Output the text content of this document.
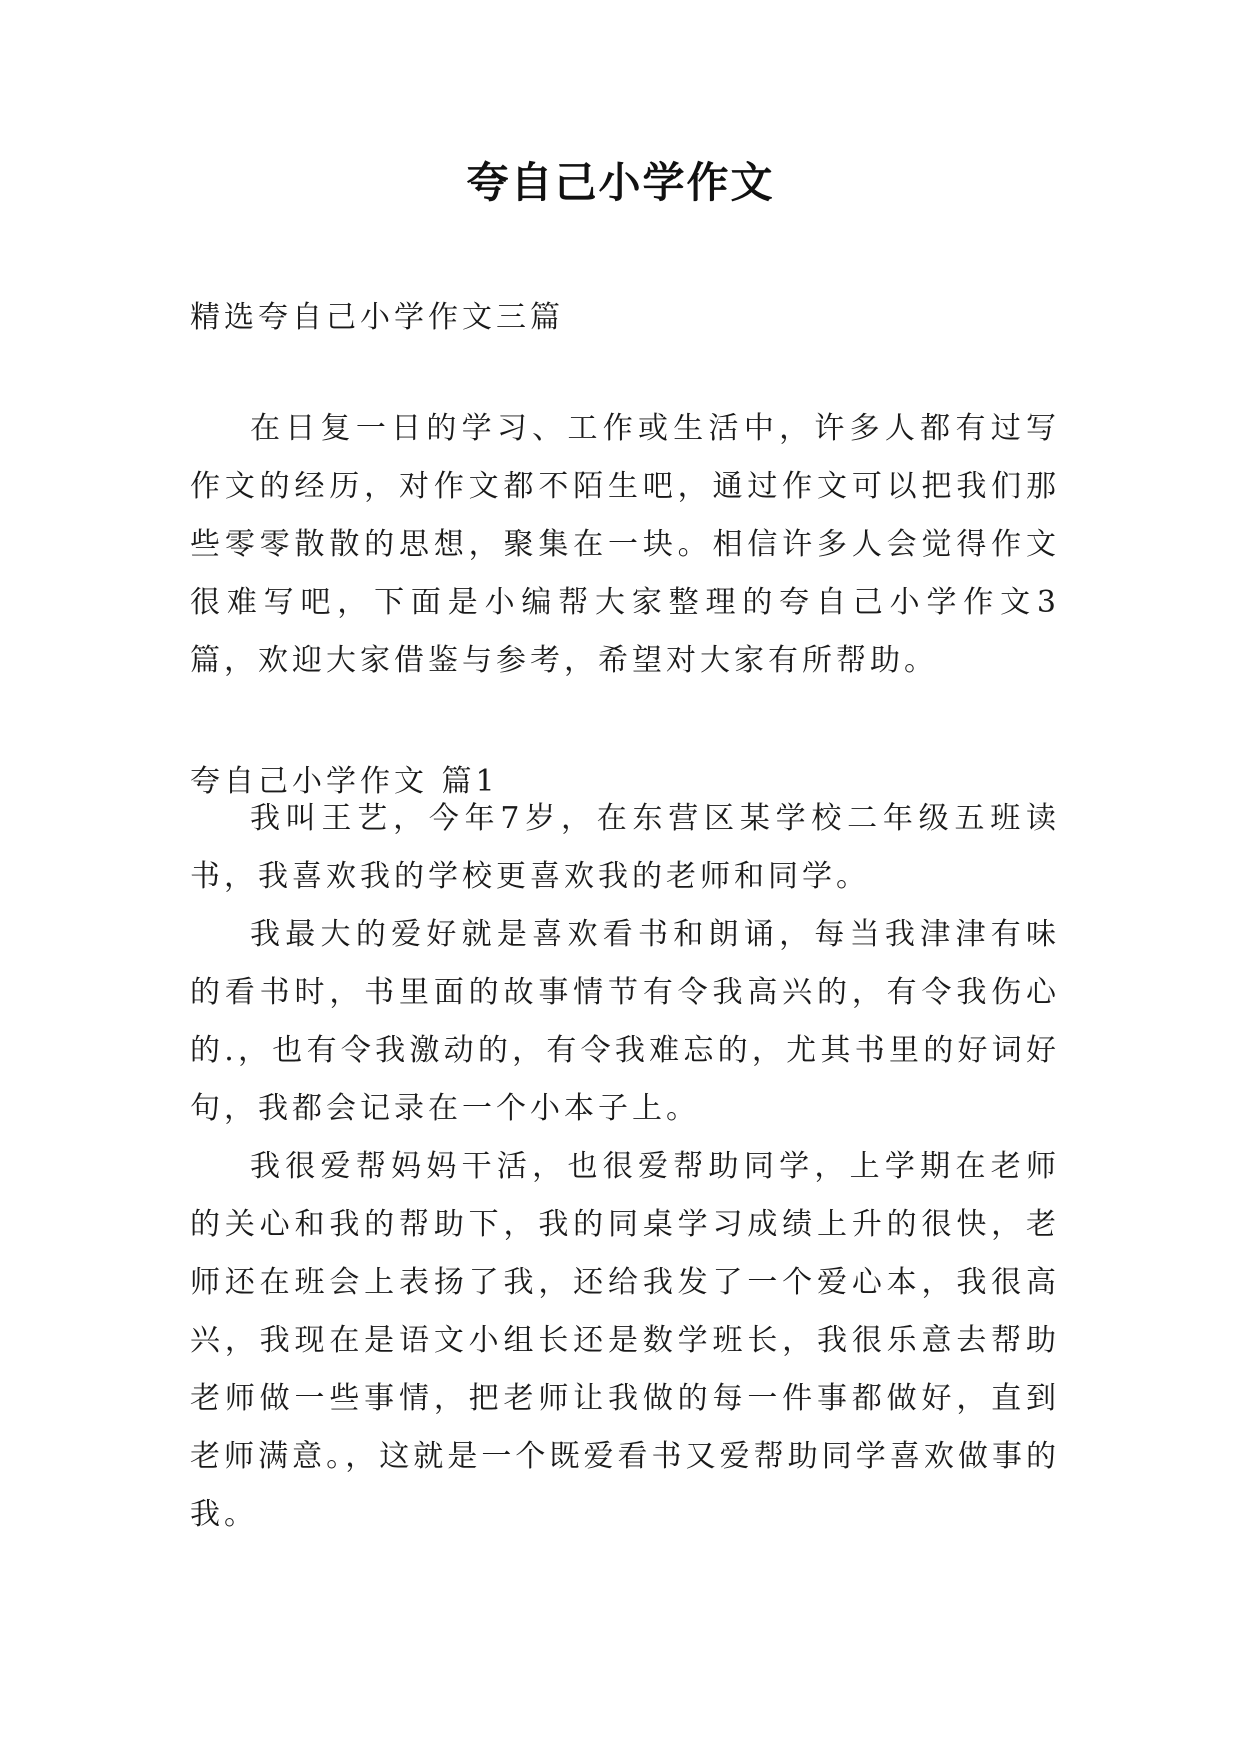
夸自己小学作文
精选夸自己小学作文三篇

在日复一日的学习、工作或生活中，许多人都有过写作文的经历，对作文都不陌生吧，通过作文可以把我们那些零零散散的思想，聚集在一块。相信许多人会觉得作文很难写吧，下面是小编帮大家整理的夸自己小学作文3篇，欢迎大家借鉴与参考，希望对大家有所帮助。

夸自己小学作文 篇1

我叫王艺，今年7岁，在东营区某学校二年级五班读书，我喜欢我的学校更喜欢我的老师和同学。

我最大的爱好就是喜欢看书和朗诵，每当我津津有味的看书时，书里面的故事情节有令我高兴的，有令我伤心的.，也有令我激动的，有令我难忘的，尤其书里的好词好句，我都会记录在一个小本子上。

我很爱帮妈妈干活，也很爱帮助同学，上学期在老师的关心和我的帮助下，我的同桌学习成绩上升的很快，老师还在班会上表扬了我，还给我发了一个爱心本，我很高兴，我现在是语文小组长还是数学班长，我很乐意去帮助老师做一些事情，把老师让我做的每一件事都做好，直到老师满意。，这就是一个既爱看书又爱帮助同学喜欢做事的我。
